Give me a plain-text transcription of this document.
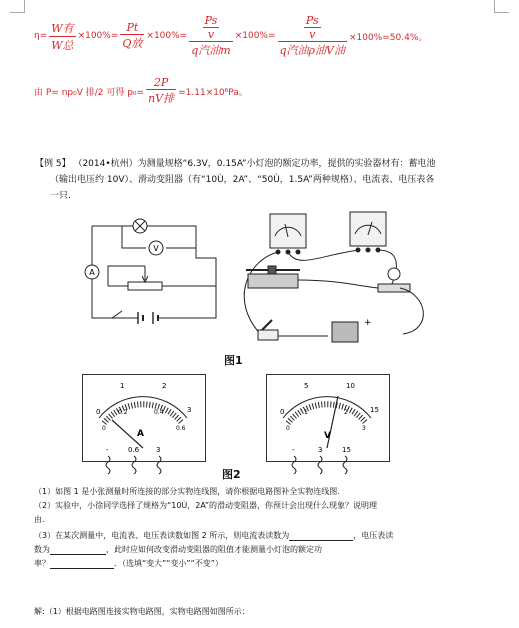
$\eta= \frac{\text{W有}}{\text{W总}} \times 100\%= \frac{Pt}{\text{Q放}} \times 100\%= Ps$
v
q汽油m ×100%= Ps
v
q汽油ρ油V油 ×100%=50.4%。
由 P= np₀V 排/2 可得 $p_0= \frac{2P}{\text{nV排}} =1.11\times 10^6Pa$。
【例 5】 （2014•杭州）为测量规格“6.3V，0.15A”小灯泡的额定功率，提供的实验器材有：蓄电池
（输出电压约 10V）、滑动变阻器（有“10Ù，2A”、“50Ù，1.5A”两种规格）、电流表、电压表各
一只.
V
A
+
图1
0
1	2
3
0
0.2	0.4
0.6
A
-	0.6 3
0
5	10
15
0
1	2
3
V
-	3	15
图2
（1）如图 1 是小张测量时所连接的部分实物连线图，请你根据电路图补全实物连线图.
（2）实验中，小徐同学选择了规格为“10Ù，2A”的滑动变阻器，你预计会出现什么现象？说明理
由.
（3）在某次测量中，电流表、电压表读数如图 2 所示，则电流表读数为	，电压表读
数为	，此时应如何改变滑动变阻器的阻值才能测量小灯泡的额定功
率？	．（选填“变大”“变小”“不变”）
解:（1）根据电路图连接实物电路图，实物电路图如图所示：
